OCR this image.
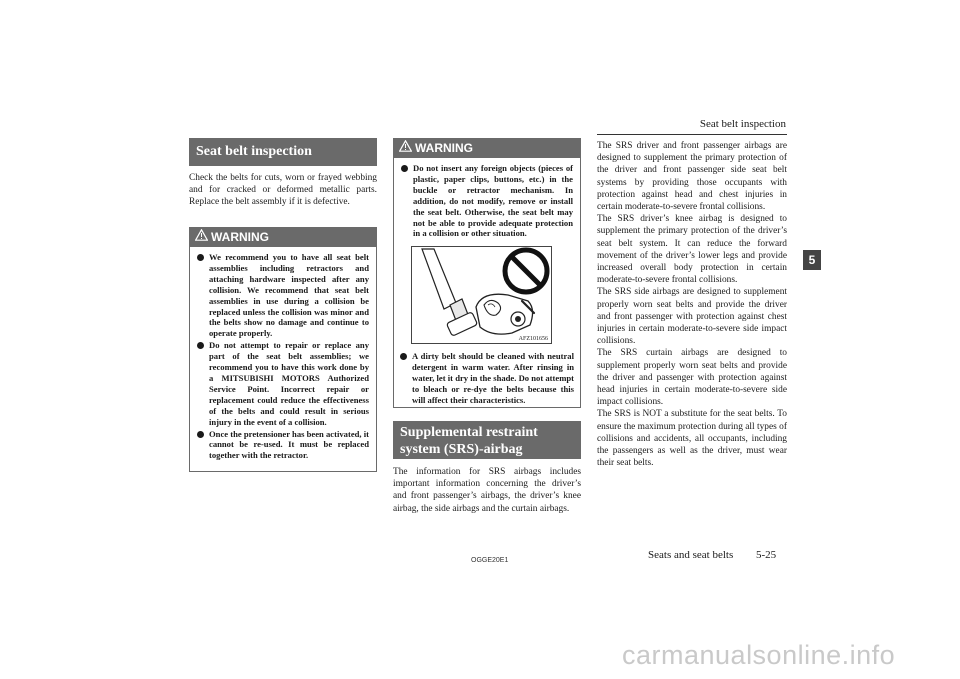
Seat belt inspection
5
Seat belt inspection
Check the belts for cuts, worn or frayed webbing and for cracked or deformed metallic parts. Replace the belt assembly if it is defective.
WARNING
We recommend you to have all seat belt assemblies including retractors and attaching hardware inspected after any collision. We recommend that seat belt assemblies in use during a collision be replaced unless the collision was minor and the belts show no damage and continue to operate properly.
Do not attempt to repair or replace any part of the seat belt assemblies; we recommend you to have this work done by a MITSUBISHI MOTORS Authorized Service Point. Incorrect repair or replacement could reduce the effectiveness of the belts and could result in serious injury in the event of a collision.
Once the pretensioner has been activated, it cannot be re-used. It must be replaced together with the retractor.
WARNING
Do not insert any foreign objects (pieces of plastic, paper clips, buttons, etc.) in the buckle or retractor mechanism. In addition, do not modify, remove or install the seat belt. Otherwise, the seat belt may not be able to provide adequate protection in a collision or other situation.
AFZ101656
A dirty belt should be cleaned with neutral detergent in warm water. After rinsing in water, let it dry in the shade. Do not attempt to bleach or re-dye the belts because this will affect their characteristics.
Supplemental restraint
system (SRS)-airbag
The information for SRS airbags includes important information concerning the driver’s and front passenger’s airbags, the driver’s knee airbag, the side airbags and the curtain airbags.
The SRS driver and front passenger airbags are designed to supplement the primary protection of the driver and front passenger side seat belt systems by providing those occupants with protection against head and chest injuries in certain moderate-to-severe frontal collisions.
The SRS driver’s knee airbag is designed to supplement the primary protection of the driver’s seat belt system. It can reduce the forward movement of the driver’s lower legs and provide increased overall body protection in certain moderate-to-severe frontal collisions.
The SRS side airbags are designed to supplement properly worn seat belts and provide the driver and front passenger with protection against chest injuries in certain moderate-to-severe side impact collisions.
The SRS curtain airbags are designed to supplement properly worn seat belts and provide the driver and passenger with protection against head injuries in certain moderate-to-severe side impact collisions.
The SRS is NOT a substitute for the seat belts. To ensure the maximum protection during all types of collisions and accidents, all occupants, including the passengers as well as the driver, must wear their seat belts.
OGGE20E1	Seats and seat belts 5-25
carmanualsonline.info
